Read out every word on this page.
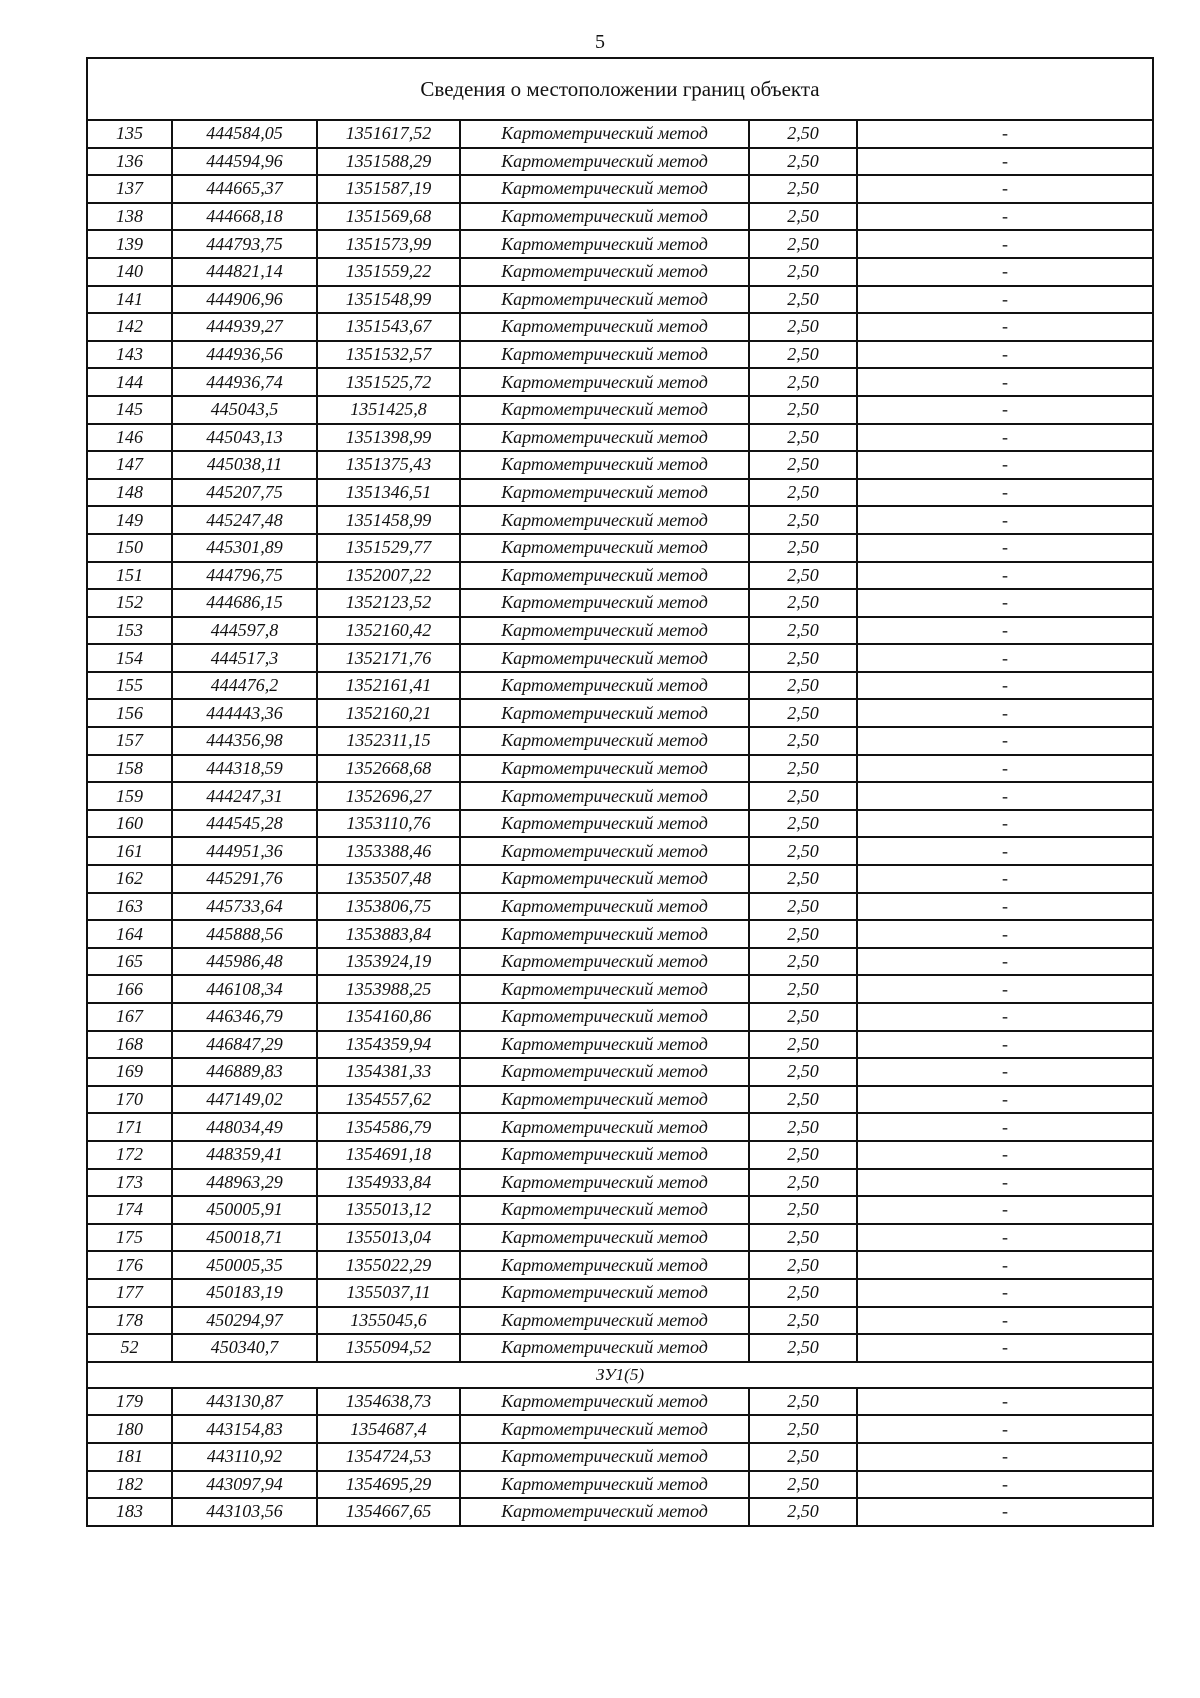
5
Сведения о местоположении границ объекта					
135	444584,05	1351617,52	Картометрический метод	2,50	-
136	444594,96	1351588,29	Картометрический метод	2,50	-
137	444665,37	1351587,19	Картометрический метод	2,50	-
138	444668,18	1351569,68	Картометрический метод	2,50	-
139	444793,75	1351573,99	Картометрический метод	2,50	-
140	444821,14	1351559,22	Картометрический метод	2,50	-
141	444906,96	1351548,99	Картометрический метод	2,50	-
142	444939,27	1351543,67	Картометрический метод	2,50	-
143	444936,56	1351532,57	Картометрический метод	2,50	-
144	444936,74	1351525,72	Картометрический метод	2,50	-
145	445043,5	1351425,8	Картометрический метод	2,50	-
146	445043,13	1351398,99	Картометрический метод	2,50	-
147	445038,11	1351375,43	Картометрический метод	2,50	-
148	445207,75	1351346,51	Картометрический метод	2,50	-
149	445247,48	1351458,99	Картометрический метод	2,50	-
150	445301,89	1351529,77	Картометрический метод	2,50	-
151	444796,75	1352007,22	Картометрический метод	2,50	-
152	444686,15	1352123,52	Картометрический метод	2,50	-
153	444597,8	1352160,42	Картометрический метод	2,50	-
154	444517,3	1352171,76	Картометрический метод	2,50	-
155	444476,2	1352161,41	Картометрический метод	2,50	-
156	444443,36	1352160,21	Картометрический метод	2,50	-
157	444356,98	1352311,15	Картометрический метод	2,50	-
158	444318,59	1352668,68	Картометрический метод	2,50	-
159	444247,31	1352696,27	Картометрический метод	2,50	-
160	444545,28	1353110,76	Картометрический метод	2,50	-
161	444951,36	1353388,46	Картометрический метод	2,50	-
162	445291,76	1353507,48	Картометрический метод	2,50	-
163	445733,64	1353806,75	Картометрический метод	2,50	-
164	445888,56	1353883,84	Картометрический метод	2,50	-
165	445986,48	1353924,19	Картометрический метод	2,50	-
166	446108,34	1353988,25	Картометрический метод	2,50	-
167	446346,79	1354160,86	Картометрический метод	2,50	-
168	446847,29	1354359,94	Картометрический метод	2,50	-
169	446889,83	1354381,33	Картометрический метод	2,50	-
170	447149,02	1354557,62	Картометрический метод	2,50	-
171	448034,49	1354586,79	Картометрический метод	2,50	-
172	448359,41	1354691,18	Картометрический метод	2,50	-
173	448963,29	1354933,84	Картометрический метод	2,50	-
174	450005,91	1355013,12	Картометрический метод	2,50	-
175	450018,71	1355013,04	Картометрический метод	2,50	-
176	450005,35	1355022,29	Картометрический метод	2,50	-
177	450183,19	1355037,11	Картометрический метод	2,50	-
178	450294,97	1355045,6	Картометрический метод	2,50	-
52	450340,7	1355094,52	Картометрический метод	2,50	-
ЗУ1(5)					
179	443130,87	1354638,73	Картометрический метод	2,50	-
180	443154,83	1354687,4	Картометрический метод	2,50	-
181	443110,92	1354724,53	Картометрический метод	2,50	-
182	443097,94	1354695,29	Картометрический метод	2,50	-
183	443103,56	1354667,65	Картометрический метод	2,50	-
